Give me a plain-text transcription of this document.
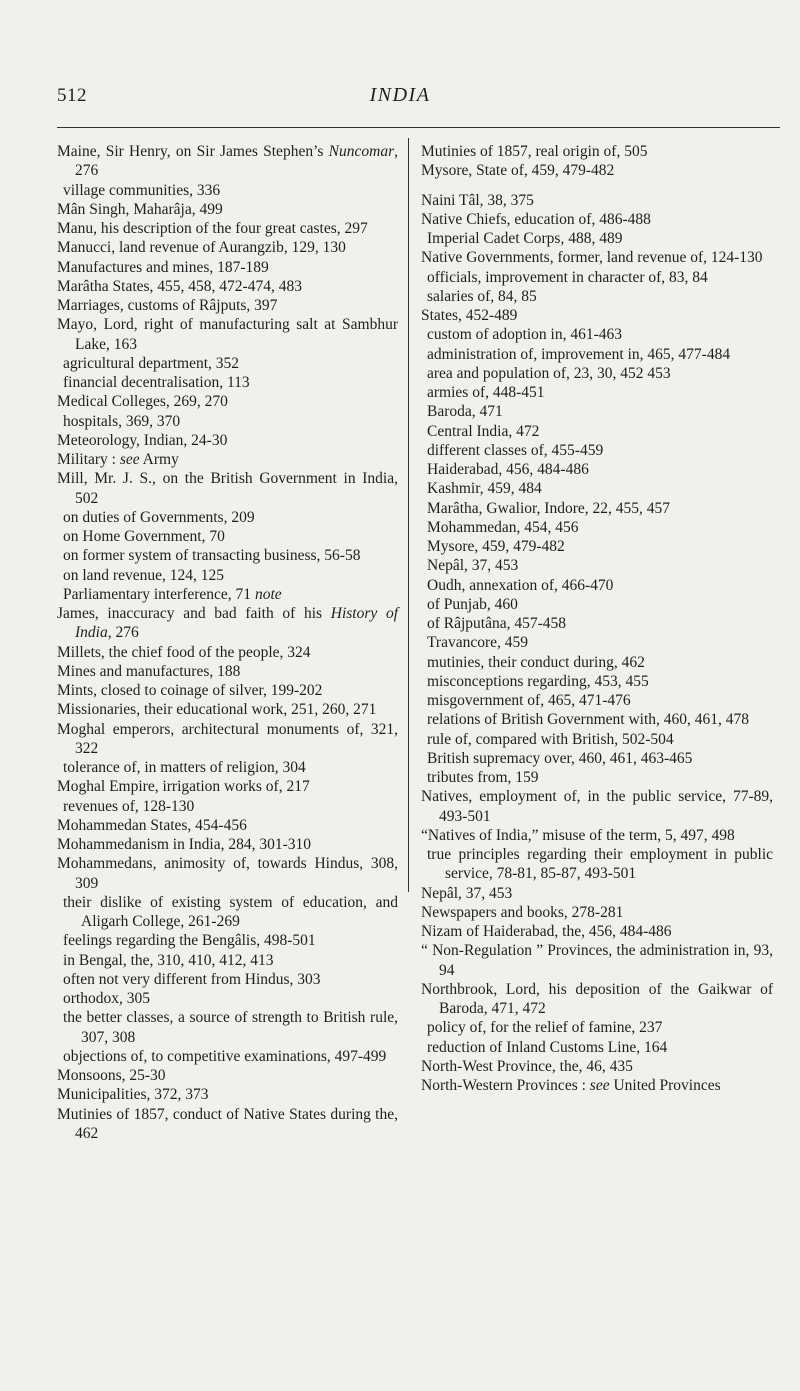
512	INDIA
Maine, Sir Henry, on Sir James Stephen’s Nuncomar, 276
village communities, 336
Mân Singh, Maharâja, 499
Manu, his description of the four great castes, 297
Manucci, land revenue of Aurangzib, 129, 130
Manufactures and mines, 187-189
Marâtha States, 455, 458, 472-474, 483
Marriages, customs of Râjputs, 397
Mayo, Lord, right of manufacturing salt at Sambhur Lake, 163
agricultural department, 352
financial decentralisation, 113
Medical Colleges, 269, 270
hospitals, 369, 370
Meteorology, Indian, 24-30
Military : see Army
Mill, Mr. J. S., on the British Government in India, 502
on duties of Governments, 209
on Home Government, 70
on former system of transacting business, 56-58
on land revenue, 124, 125
Parliamentary interference, 71 note
James, inaccuracy and bad faith of his History of India, 276
Millets, the chief food of the people, 324
Mines and manufactures, 188
Mints, closed to coinage of silver, 199-202
Missionaries, their educational work, 251, 260, 271
Moghal emperors, architectural monuments of, 321, 322
tolerance of, in matters of religion, 304
Moghal Empire, irrigation works of, 217
revenues of, 128-130
Mohammedan States, 454-456
Mohammedanism in India, 284, 301-310
Mohammedans, animosity of, towards Hindus, 308, 309
their dislike of existing system of education, and Aligarh College, 261-269
feelings regarding the Bengâlis, 498-501
in Bengal, the, 310, 410, 412, 413
often not very different from Hindus, 303
orthodox, 305
the better classes, a source of strength to British rule, 307, 308
objections of, to competitive examinations, 497-499
Monsoons, 25-30
Municipalities, 372, 373
Mutinies of 1857, conduct of Native States during the, 462
Mutinies of 1857, real origin of, 505
Mysore, State of, 459, 479-482
Naini Tâl, 38, 375
Native Chiefs, education of, 486-488
Imperial Cadet Corps, 488, 489
Native Governments, former, land revenue of, 124-130
officials, improvement in character of, 83, 84
salaries of, 84, 85
States, 452-489
custom of adoption in, 461-463
administration of, improvement in, 465, 477-484
area and population of, 23, 30, 452 453
armies of, 448-451
Baroda, 471
Central India, 472
different classes of, 455-459
Haiderabad, 456, 484-486
Kashmir, 459, 484
Marâtha, Gwalior, Indore, 22, 455, 457
Mohammedan, 454, 456
Mysore, 459, 479-482
Nepâl, 37, 453
Oudh, annexation of, 466-470
of Punjab, 460
of Râjputâna, 457-458
Travancore, 459
mutinies, their conduct during, 462
misconceptions regarding, 453, 455
misgovernment of, 465, 471-476
relations of British Government with, 460, 461, 478
rule of, compared with British, 502-504
British supremacy over, 460, 461, 463-465
tributes from, 159
Natives, employment of, in the public service, 77-89, 493-501
“Natives of India,” misuse of the term, 5, 497, 498
true principles regarding their employment in public service, 78-81, 85-87, 493-501
Nepâl, 37, 453
Newspapers and books, 278-281
Nizam of Haiderabad, the, 456, 484-486
“ Non-Regulation ” Provinces, the administration in, 93, 94
Northbrook, Lord, his deposition of the Gaikwar of Baroda, 471, 472
policy of, for the relief of famine, 237
reduction of Inland Customs Line, 164
North-West Province, the, 46, 435
North-Western Provinces : see United Provinces
